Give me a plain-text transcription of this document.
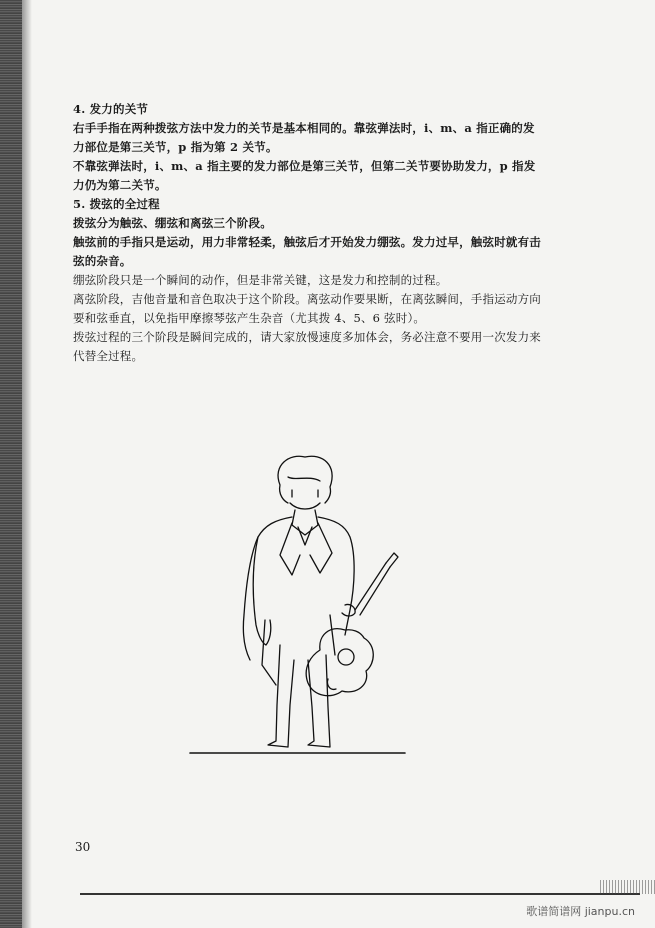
4. 发力的关节

右手手指在两种拨弦方法中发力的关节是基本相同的。靠弦弹法时，i、m、a 指正确的发力部位是第三关节，p 指为第 2 关节。

不靠弦弹法时，i、m、a 指主要的发力部位是第三关节，但第二关节要协助发力，p 指发力仍为第二关节。

5. 拨弦的全过程

拨弦分为触弦、绷弦和离弦三个阶段。

触弦前的手指只是运动，用力非常轻柔，触弦后才开始发力绷弦。发力过早，触弦时就有击弦的杂音。

绷弦阶段只是一个瞬间的动作，但是非常关键，这是发力和控制的过程。

离弦阶段，吉他音量和音色取决于这个阶段。离弦动作要果断，在离弦瞬间，手指运动方向要和弦垂直，以免指甲摩擦琴弦产生杂音（尤其拨 4、5、6 弦时）。

拨弦过程的三个阶段是瞬间完成的，请大家放慢速度多加体会，务必注意不要用一次发力来代替全过程。

30
歌谱简谱网 jianpu.cn
